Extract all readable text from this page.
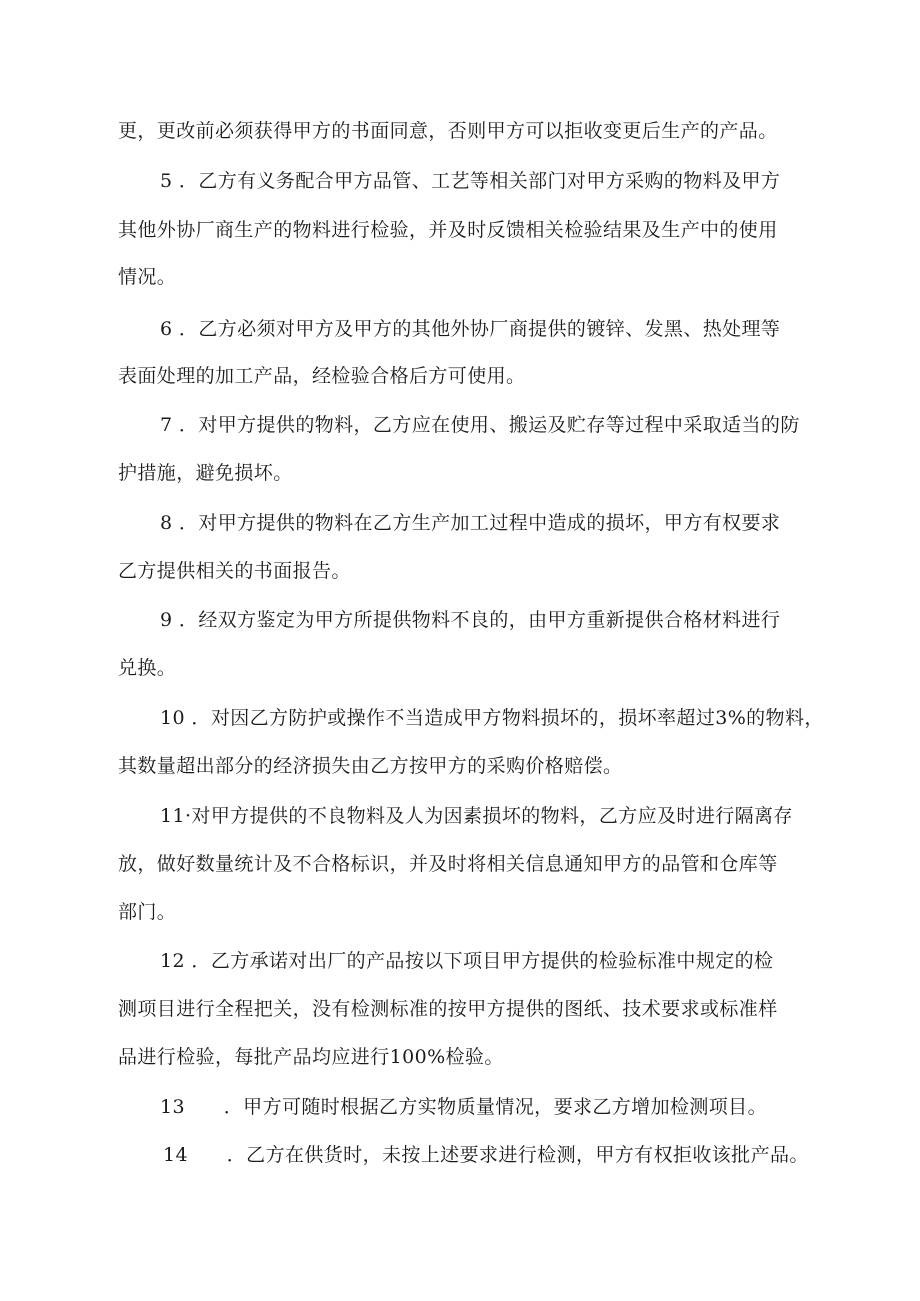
更，更改前必须获得甲方的书面同意，否则甲方可以拒收变更后生产的产品。
5 ．乙方有义务配合甲方品管、工艺等相关部门对甲方采购的物料及甲方
其他外协厂商生产的物料进行检验，并及时反馈相关检验结果及生产中的使用
情况。
6 ．乙方必须对甲方及甲方的其他外协厂商提供的镀锌、发黑、热处理等
表面处理的加工产品，经检验合格后方可使用。
7 ．对甲方提供的物料，乙方应在使用、搬运及贮存等过程中采取适当的防
护措施，避免损坏。
8 ．对甲方提供的物料在乙方生产加工过程中造成的损坏，甲方有权要求
乙方提供相关的书面报告。
9 ．经双方鉴定为甲方所提供物料不良的，由甲方重新提供合格材料进行
兑换。
10 ．对因乙方防护或操作不当造成甲方物料损坏的，损坏率超过3%的物料，
其数量超出部分的经济损失由乙方按甲方的采购价格赔偿。
11·对甲方提供的不良物料及人为因素损坏的物料，乙方应及时进行隔离存
放，做好数量统计及不合格标识，并及时将相关信息通知甲方的品管和仓库等
部门。
12 ．乙方承诺对出厂的产品按以下项目甲方提供的检验标准中规定的检
测项目进行全程把关，没有检测标准的按甲方提供的图纸、技术要求或标准样
品进行检验，每批产品均应进行100%检验。
13　　．甲方可随时根据乙方实物质量情况，要求乙方增加检测项目。
14　　．乙方在供货时，未按上述要求进行检测，甲方有权拒收该批产品。
